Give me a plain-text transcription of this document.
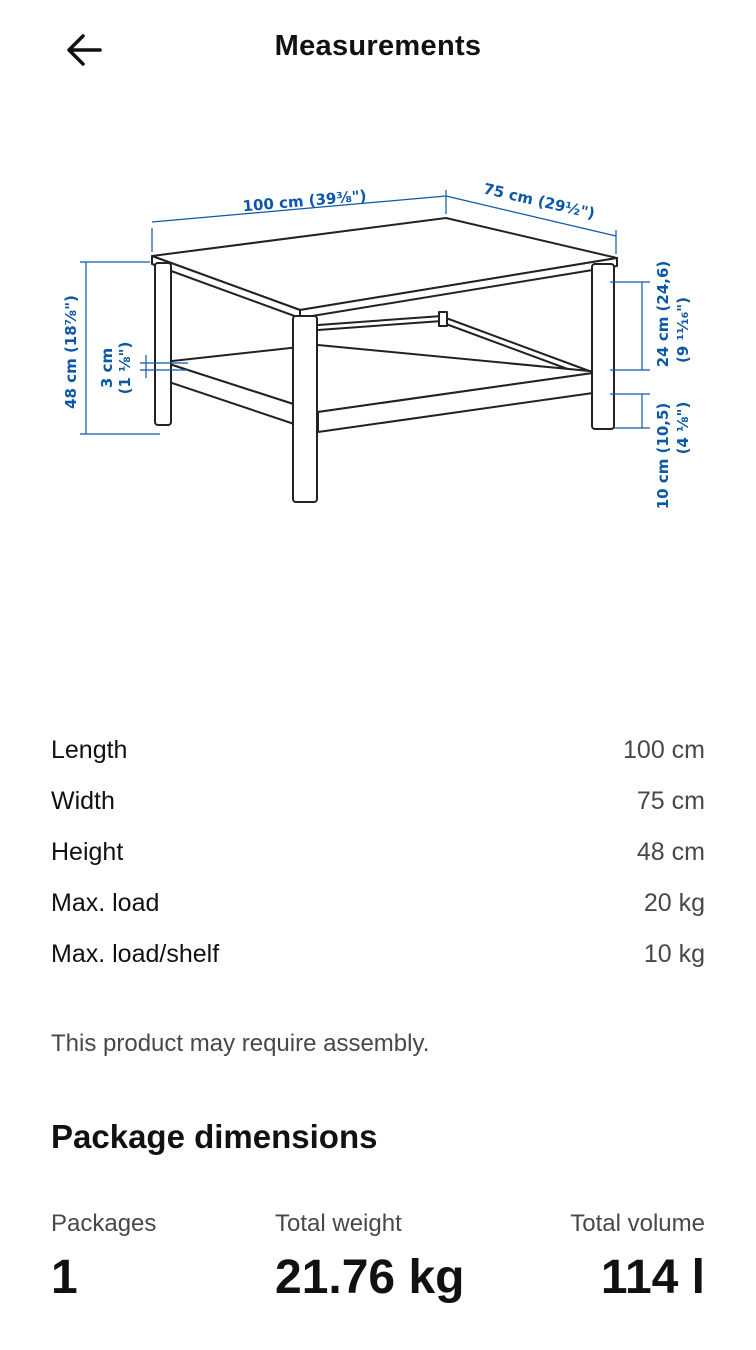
Measurements
100 cm (39⅜")	75 cm (29½")
48 cm (18⅞") 3 cm (1 ⅛")
24 cm (24,6) (9 ¹¹⁄₁₆")
10 cm (10,5) (4 ⅛")
Length	100 cm
Width	75 cm
Height	48 cm
Max. load	20 kg
Max. load/shelf	10 kg
This product may require assembly.
Package dimensions
Packages
1
Total weight
21.76 kg
Total volume
114 l
